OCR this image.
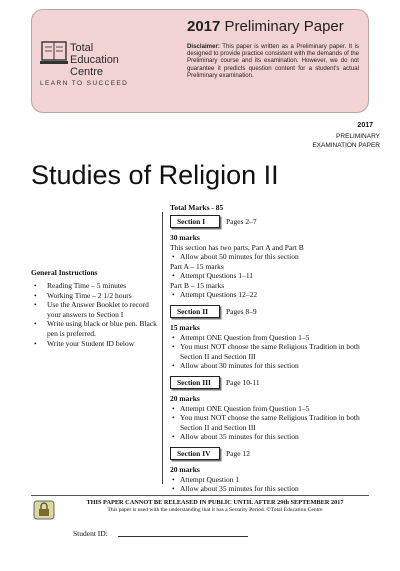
Total
Education
Centre
LEARN TO SUCCEED
2017 Preliminary Paper
Disclaimer: This paper is written as a Preliminary paper. It is designed to provide practice consistent with the demands of the Preliminary course and its examination. However, we do not guarantee it predicts question content for a student's actual Preliminary examination.
2017
PRELIMINARY
EXAMINATION PAPER
Studies of Religion II
General Instructions
• Reading Time – 5 minutes
• Working Time – 2 1/2 hours
• Use the Answer Booklet to record your answers to Section I
• Write using black or blue pen. Black pen is preferred.
• Write your Student ID below
Total Marks - 85
Section I	Pages 2–7
30 marks
This section has two parts, Part A and Part B
• Allow about 50 minutes for this section
Part A – 15 marks
• Attempt Questions 1–11
Part B – 15 marks
• Attempt Questions 12–22
Section II Pages 8–9
15 marks
• Attempt ONE Question from Question 1–5
• You must NOT choose the same Religious Tradition in both Section II and Section III
• Allow about 30 minutes for this section
Section III Page 10-11
20 marks
• Attempt ONE Question from Question 1–5
• You must NOT choose the same Religious Tradition in both Section II and Section III
• Allow about 35 minutes for this section
Section IV Page 12
20 marks
• Attempt Question 1
• Allow about 35 minutes for this section
THIS PAPER CANNOT BE RELEASED IN PUBLIC UNTIL AFTER 29th SEPTEMBER 2017
This paper is used with the understanding that it has a Security Period. ©Total Education Centre
Student ID:
